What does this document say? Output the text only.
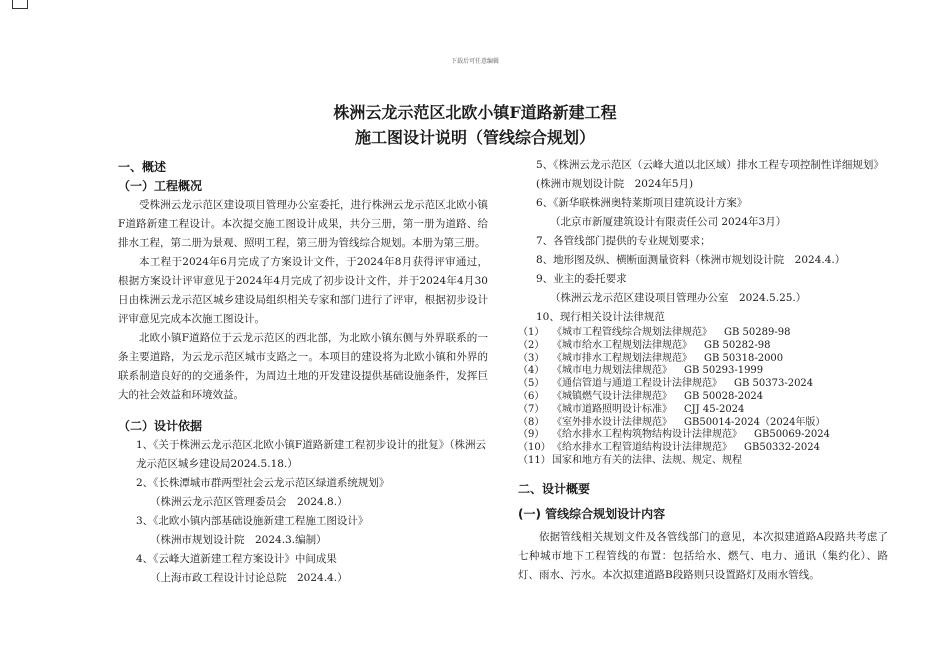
下载后可任意编辑
株洲云龙示范区北欧小镇F道路新建工程
施工图设计说明（管线综合规划）
一、概述
（一）工程概况

受株洲云龙示范区建设项目管理办公室委托，进行株洲云龙示范区北欧小镇F道路新建工程设计。本次提交施工图设计成果，共分三册，第一册为道路、给排水工程，第二册为景观、照明工程，第三册为管线综合规划。本册为第三册。

本工程于2024年6月完成了方案设计文件，于2024年8月获得评审通过，根据方案设计评审意见于2024年4月完成了初步设计文件，并于2024年4月30日由株洲云龙示范区城乡建设局组织相关专家和部门进行了评审，根据初步设计评审意见完成本次施工图设计。

北欧小镇F道路位于云龙示范区的西北部，为北欧小镇东侧与外界联系的一条主要道路，为云龙示范区城市支路之一。本项目的建设将为北欧小镇和外界的联系制造良好的的交通条件，为周边土地的开发建设提供基础设施条件，发挥巨大的社会效益和环境效益。

（二）设计依据
1、《关于株洲云龙示范区北欧小镇F道路新建工程初步设计的批复》（株洲云龙示范区城乡建设局2024.5.18.）
2、《长株潭城市群两型社会云龙示范区绿道系统规划》
（株洲云龙示范区管理委员会　2024.8.）
3、《北欧小镇内部基础设施新建工程施工图设计》
（株洲市规划设计院　2024.3.编制）
4、《云峰大道新建工程方案设计》中间成果
（上海市政工程设计讨论总院　2024.4.）
5、《株洲云龙示范区（云峰大道以北区域）排水工程专项控制性详细规划》(株洲市规划设计院　2024年5月)
6、《新华联株洲奥特莱斯项目建筑设计方案》
（北京市新厦建筑设计有限责任公司 2024年3月）
7、各管线部门提供的专业规划要求；
8、地形图及纵、横断面测量资料（株洲市规划设计院　2024.4.）
9、业主的委托要求
（株洲云龙示范区建设项目管理办公室　2024.5.25.）
10、现行相关设计法律规范
（1） 《城市工程管线综合规划法律规范》 GB 50289-98
（2） 《城市给水工程规划法律规范》 GB 50282-98
（3） 《城市排水工程规划法律规范》 GB 50318-2000
（4） 《城市电力规划法律规范》 GB 50293-1999
（5） 《通信管道与通道工程设计法律规范》 GB 50373-2024
（6） 《城镇燃气设计法律规范》 GB 50028-2024
（7） 《城市道路照明设计标准》 CJJ 45-2024
（8） 《室外排水设计法律规范》 GB50014-2024（2024年版）
（9） 《给水排水工程构筑物结构设计法律规范》 GB50069-2024
（10）《给水排水工程管道结构设计法律规范》 GB50332-2024
（11）国家和地方有关的法律、法规、规定、规程
二、设计概要
(一) 管线综合规划设计内容

依据管线相关规划文件及各管线部门的意见，本次拟建道路A段路共考虑了七种城市地下工程管线的布置：包括给水、燃气、电力、通讯（集约化）、路灯、雨水、污水。本次拟建道路B段路则只设置路灯及雨水管线。
